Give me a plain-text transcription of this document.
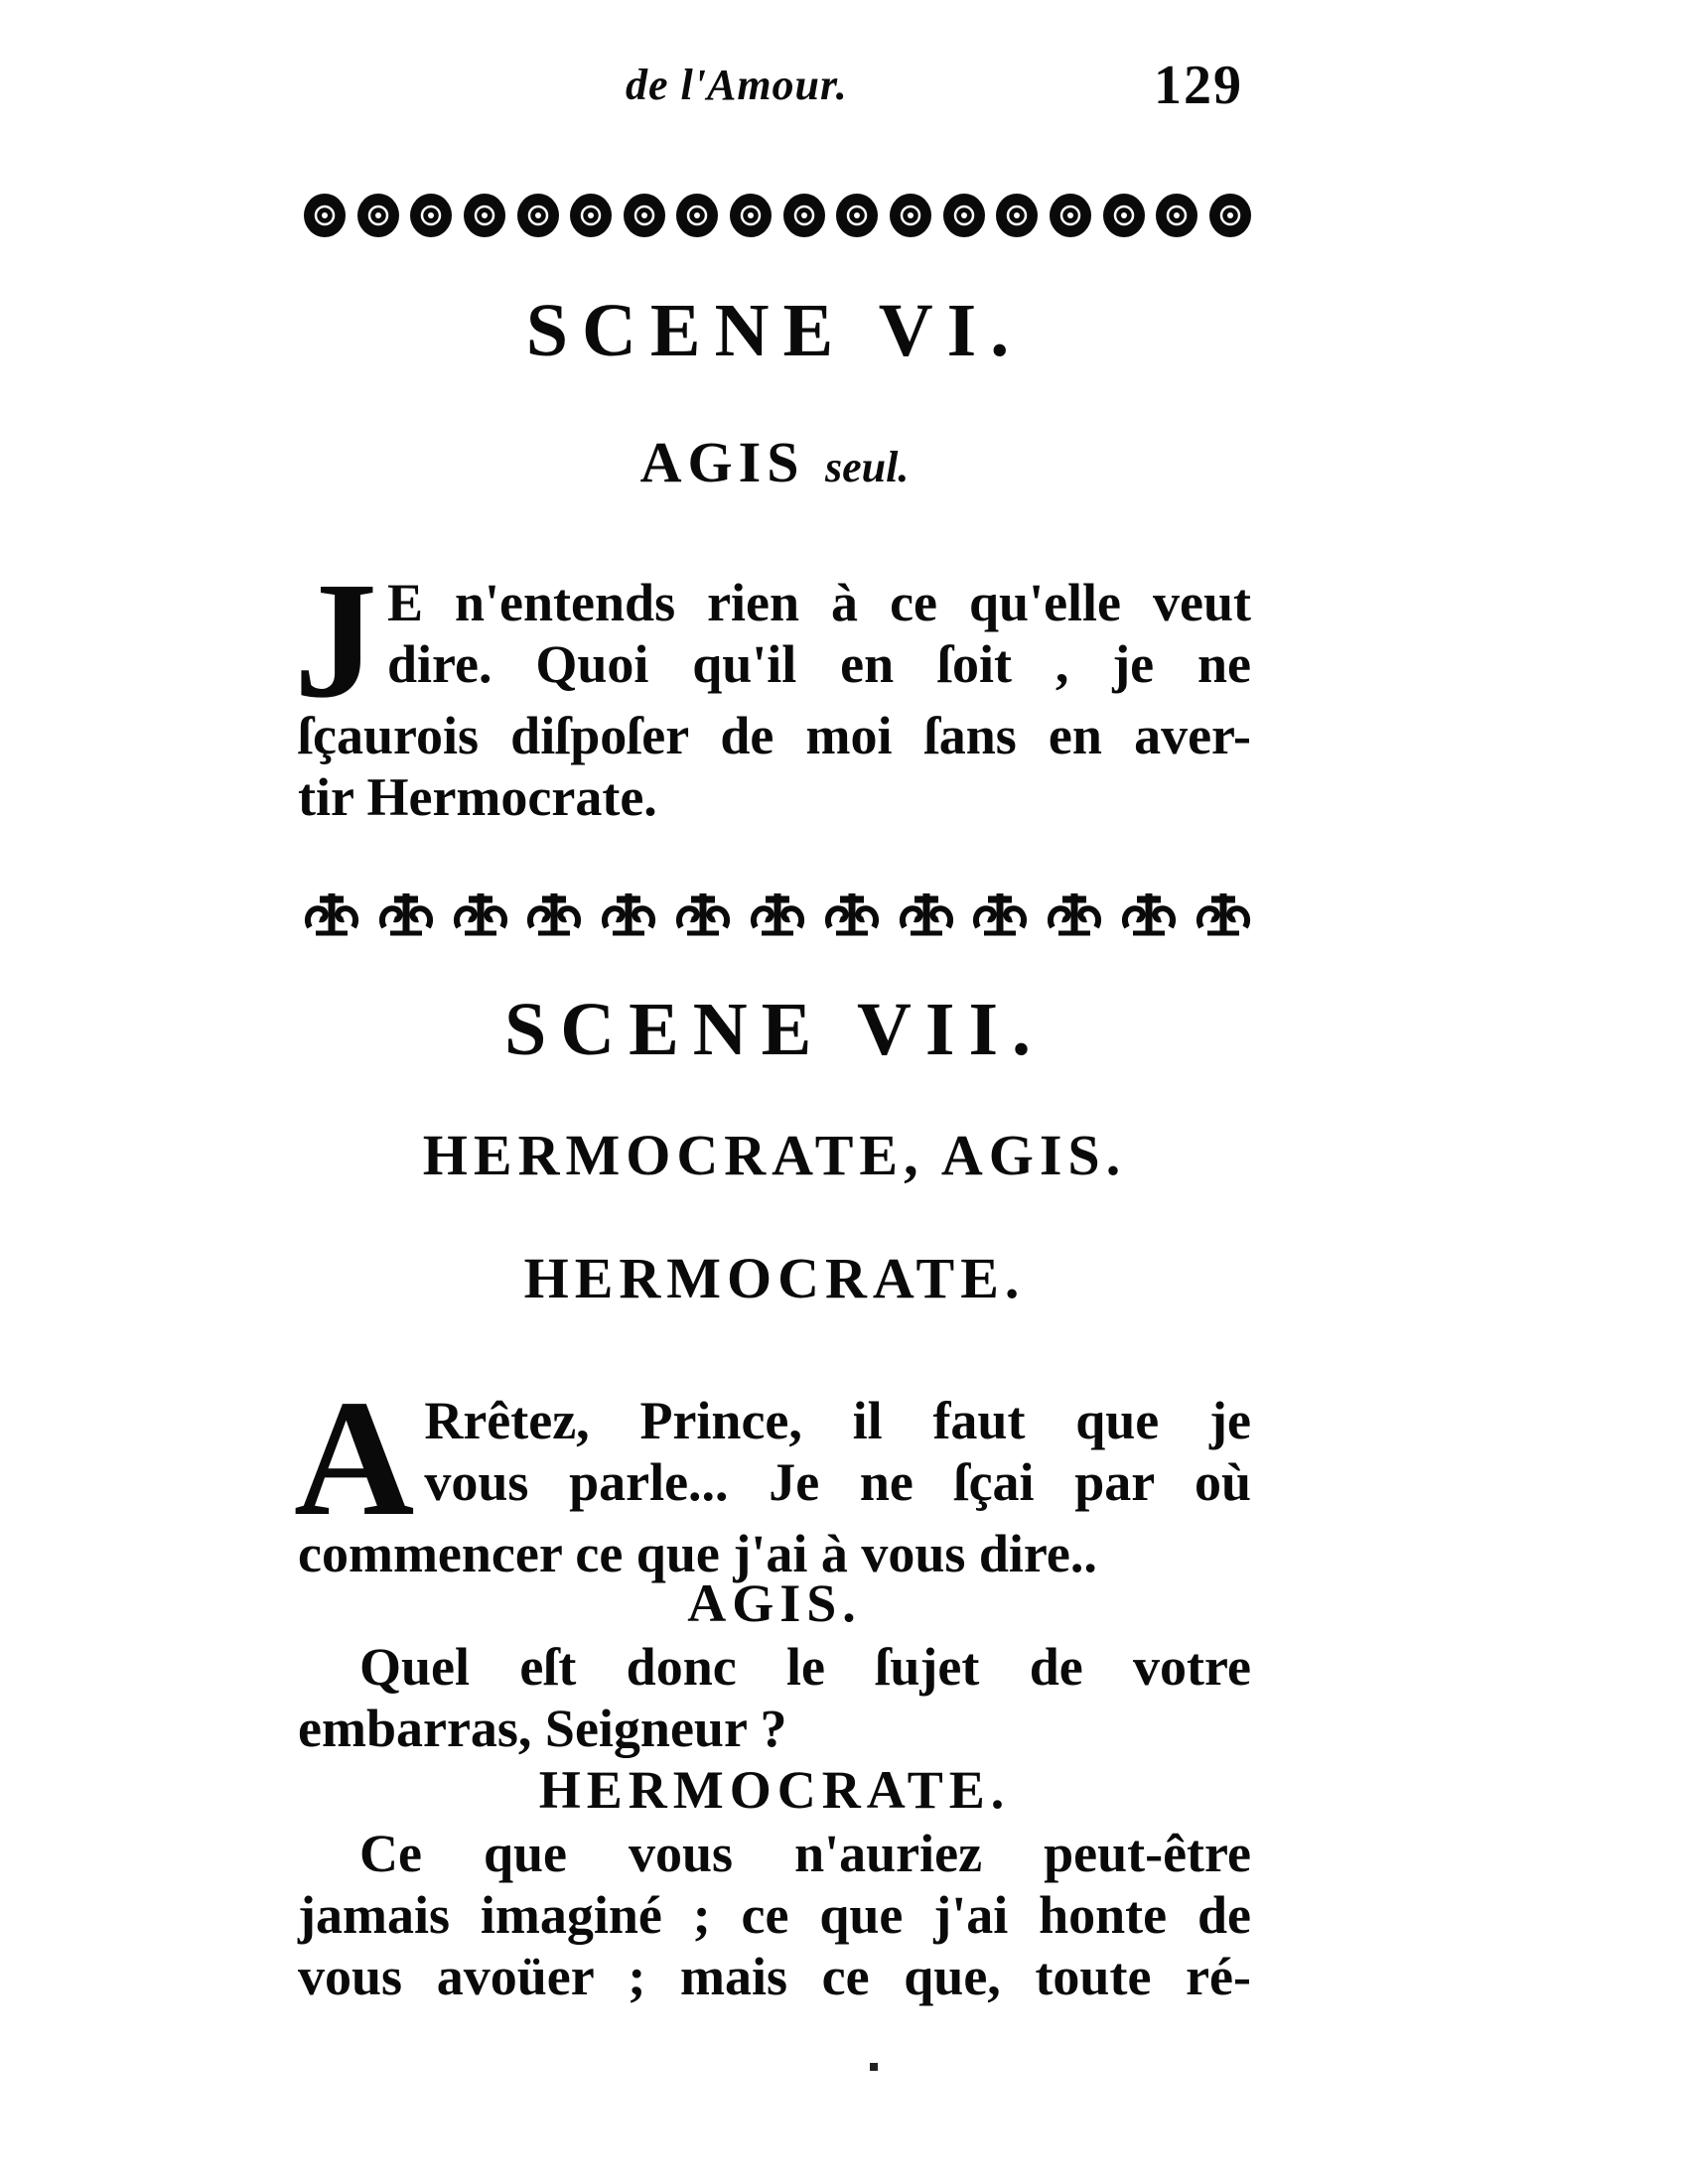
de l'Amour.	129
SCENE VI.
AGIS seul.
J E n'entends rien à ce qu'elle veut
dire. Quoi qu'il en ſoit , je ne
ſçaurois diſpoſer de moi ſans en aver-
tir Hermocrate.
SCENE VII.
HERMOCRATE, AGIS.
HERMOCRATE.
A Rrêtez, Prince, il faut que je
vous parle... Je ne ſçai par où
commencer ce que j'ai à vous dire..
AGIS.
Quel eſt donc le ſujet de votre
embarras, Seigneur ?
HERMOCRATE.
Ce que vous n'auriez peut-être
jamais imaginé ; ce que j'ai honte de
vous avoüer ; mais ce que, toute ré-
